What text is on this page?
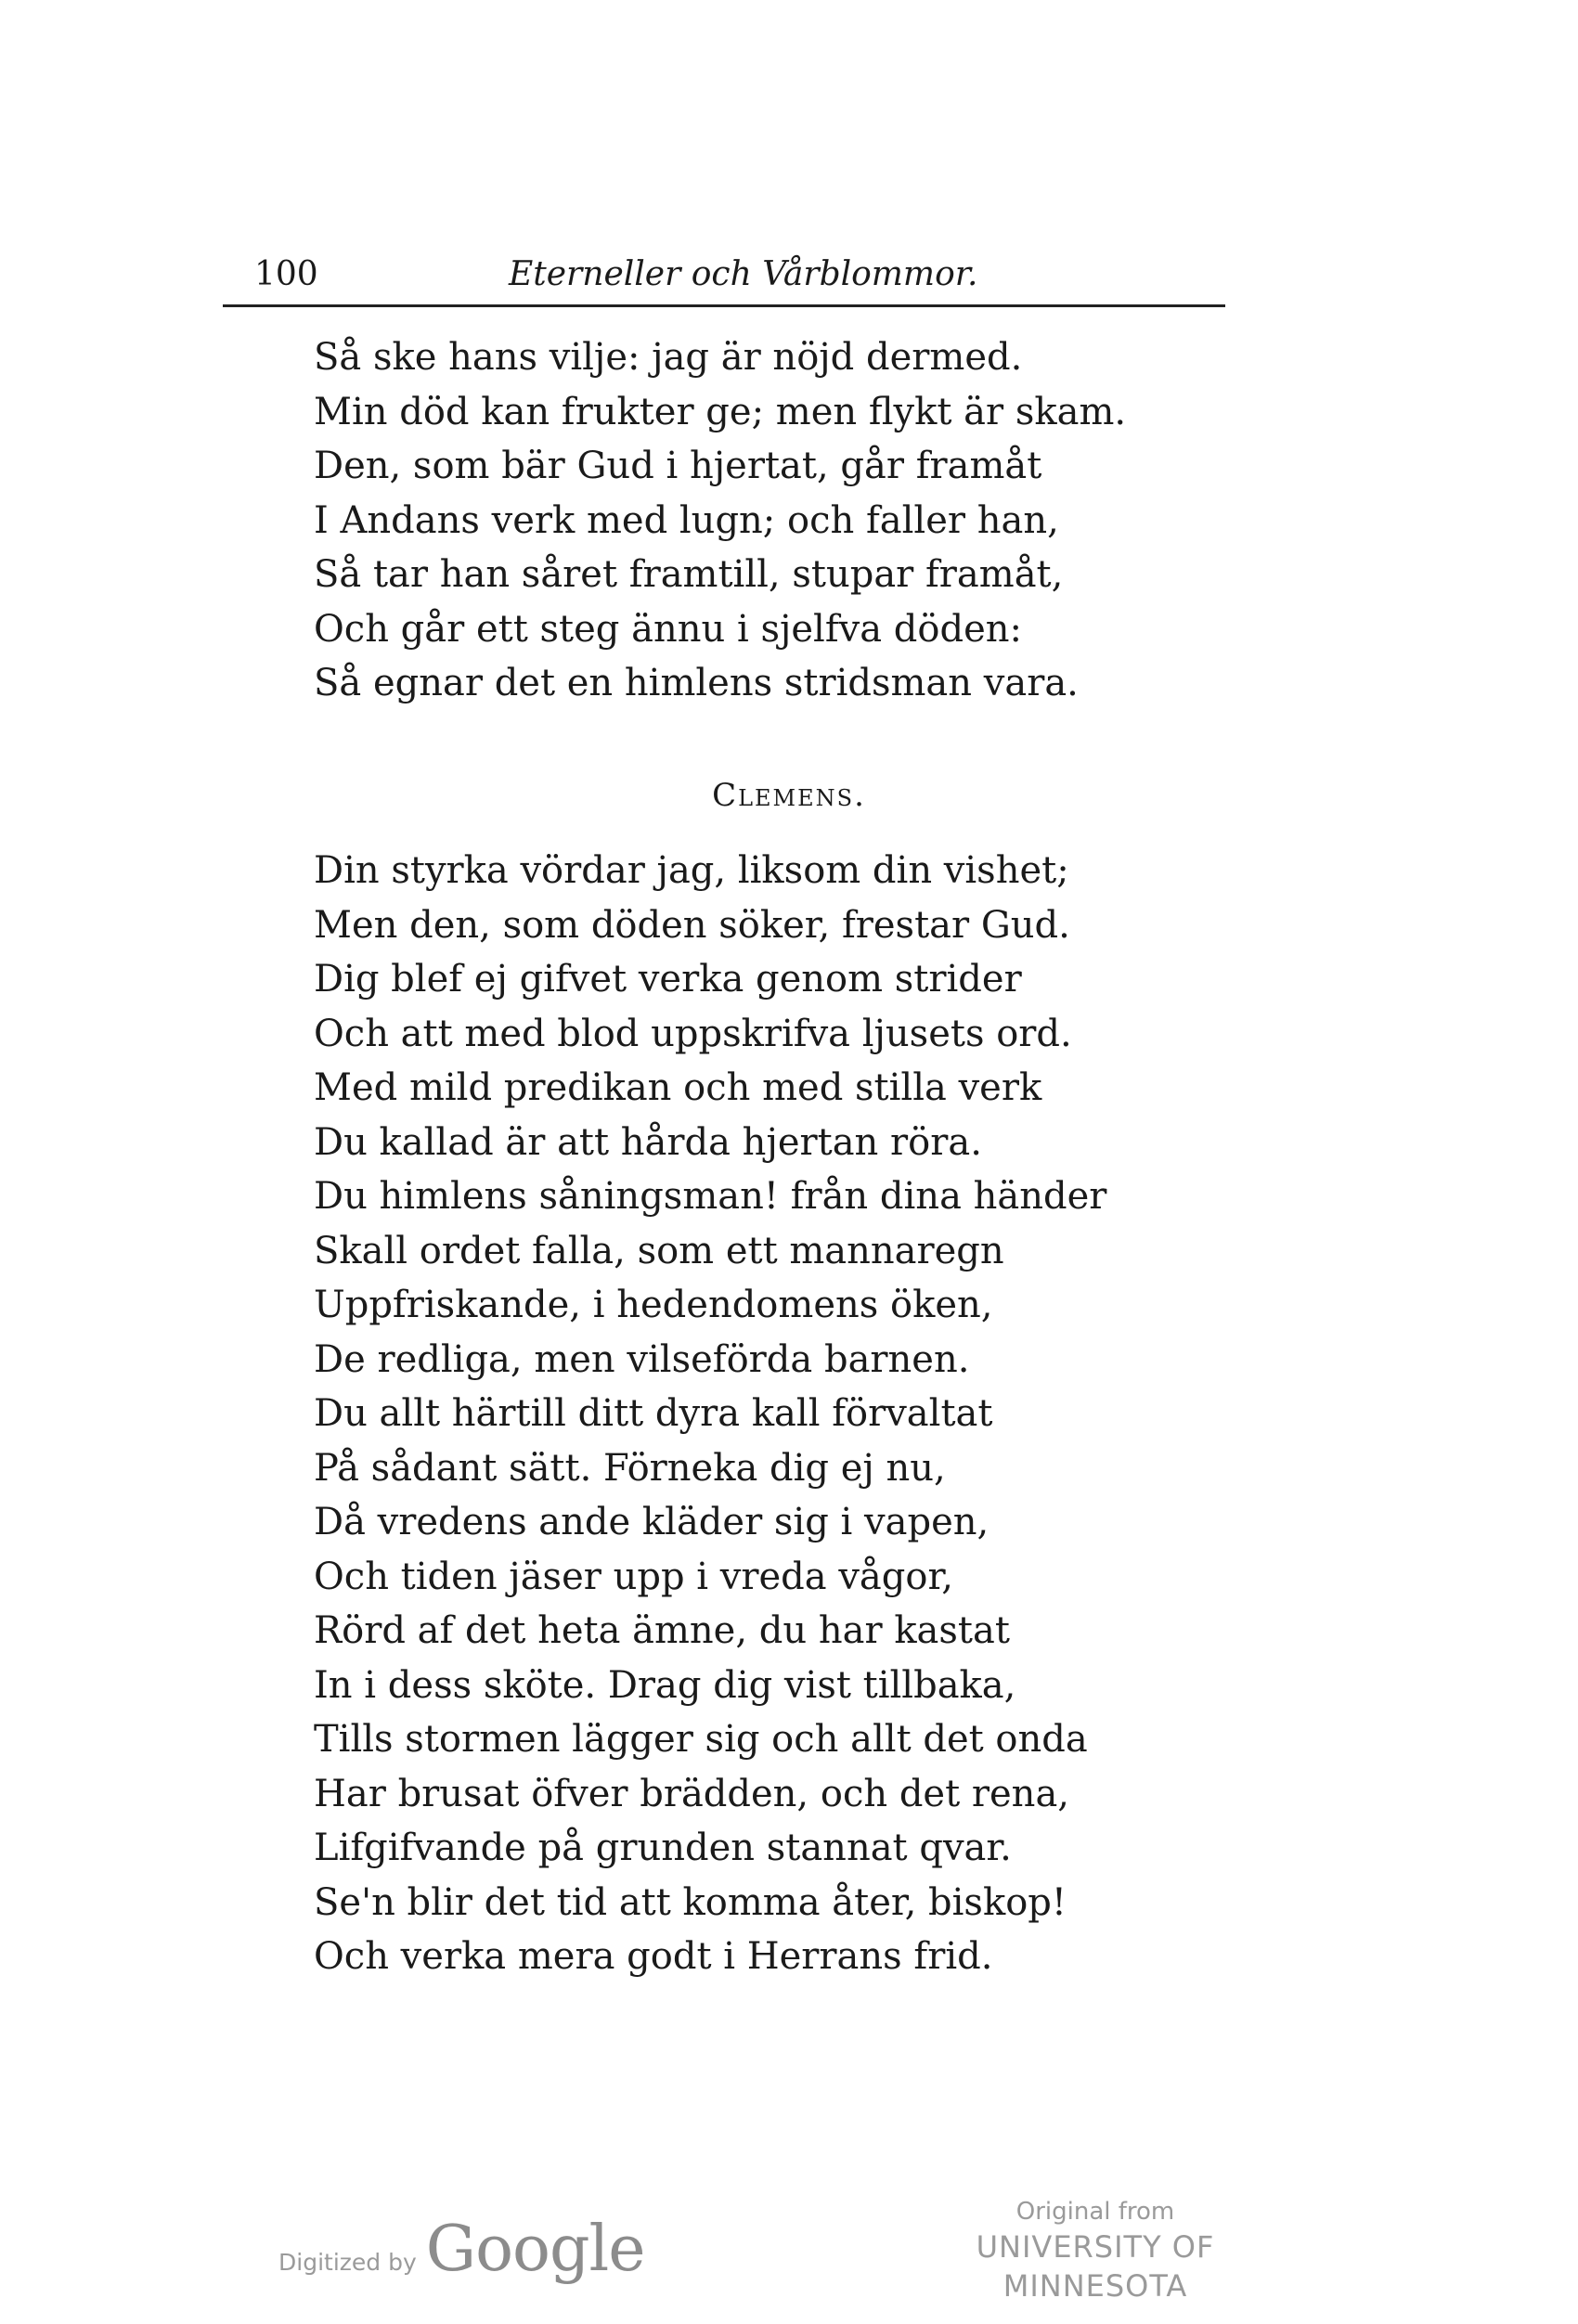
100	Eterneller och Vårblommor.
Så ske hans vilje: jag är nöjd dermed.
Min död kan frukter ge; men flykt är skam.
Den, som bär Gud i hjertat, går framåt
I Andans verk med lugn; och faller han,
Så tar han såret framtill, stupar framåt,
Och går ett steg ännu i sjelfva döden:
Så egnar det en himlens stridsman vara.
Clemens.
Din styrka vördar jag, liksom din vishet;
Men den, som döden söker, frestar Gud.
Dig blef ej gifvet verka genom strider
Och att med blod uppskrifva ljusets ord.
Med mild predikan och med stilla verk
Du kallad är att hårda hjertan röra.
Du himlens såningsman! från dina händer
Skall ordet falla, som ett mannaregn
Uppfriskande, i hedendomens öken,
De redliga, men vilseförda barnen.
Du allt härtill ditt dyra kall förvaltat
På sådant sätt. Förneka dig ej nu,
Då vredens ande kläder sig i vapen,
Och tiden jäser upp i vreda vågor,
Rörd af det heta ämne, du har kastat
In i dess sköte. Drag dig vist tillbaka,
Tills stormen lägger sig och allt det onda
Har brusat öfver brädden, och det rena,
Lifgifvande på grunden stannat qvar.
Se'n blir det tid att komma åter, biskop!
Och verka mera godt i Herrans frid.
Digitized by Google
Original from
UNIVERSITY OF MINNESOTA
